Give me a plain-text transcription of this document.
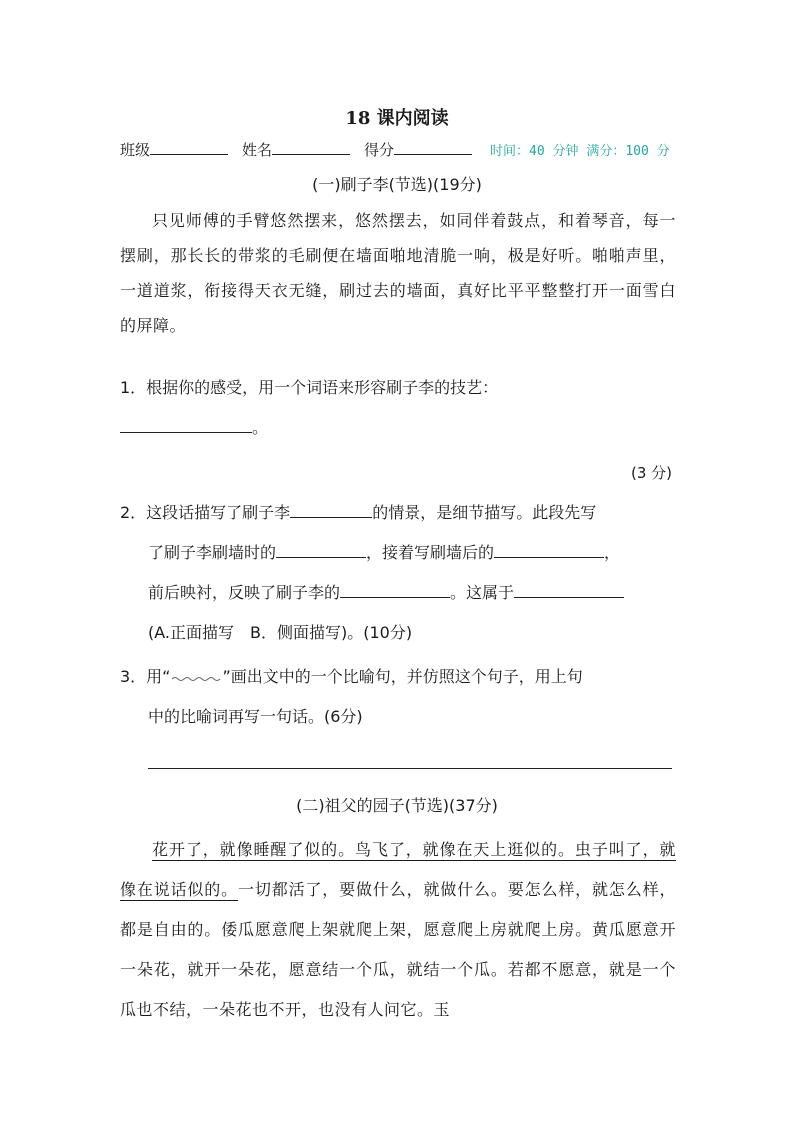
18 课内阅读
班级	姓名	得分	时间：40 分钟 满分：100 分
(一)刷子李(节选)(19分)
只见师傅的手臂悠然摆来，悠然摆去，如同伴着鼓点，和着琴音，每一摆刷，那长长的带浆的毛刷便在墙面啪地清脆一响，极是好听。啪啪声里，一道道浆，衔接得天衣无缝，刷过去的墙面，真好比平平整整打开一面雪白的屏障。
1．根据你的感受，用一个词语来形容刷子李的技艺：
。
(3 分)
2．这段话描写了刷子李	的情景，是细节描写。此段先写
了刷子李刷墙时的	，接着写刷墙后的	，
前后映衬，反映了刷子李的	。这属于
(A.正面描写　B．侧面描写)。(10分)
3．用“	”画出文中的一个比喻句，并仿照这个句子，用上句
中的比喻词再写一句话。(6分)
(二)祖父的园子(节选)(37分)
花开了，就像睡醒了似的。鸟飞了，就像在天上逛似的。虫子叫了，就像在说话似的。一切都活了，要做什么，就做什么。要怎么样，就怎么样，都是自由的。倭瓜愿意爬上架就爬上架，愿意爬上房就爬上房。黄瓜愿意开一朵花，就开一朵花，愿意结一个瓜，就结一个瓜。若都不愿意，就是一个瓜也不结，一朵花也不开，也没有人问它。玉
